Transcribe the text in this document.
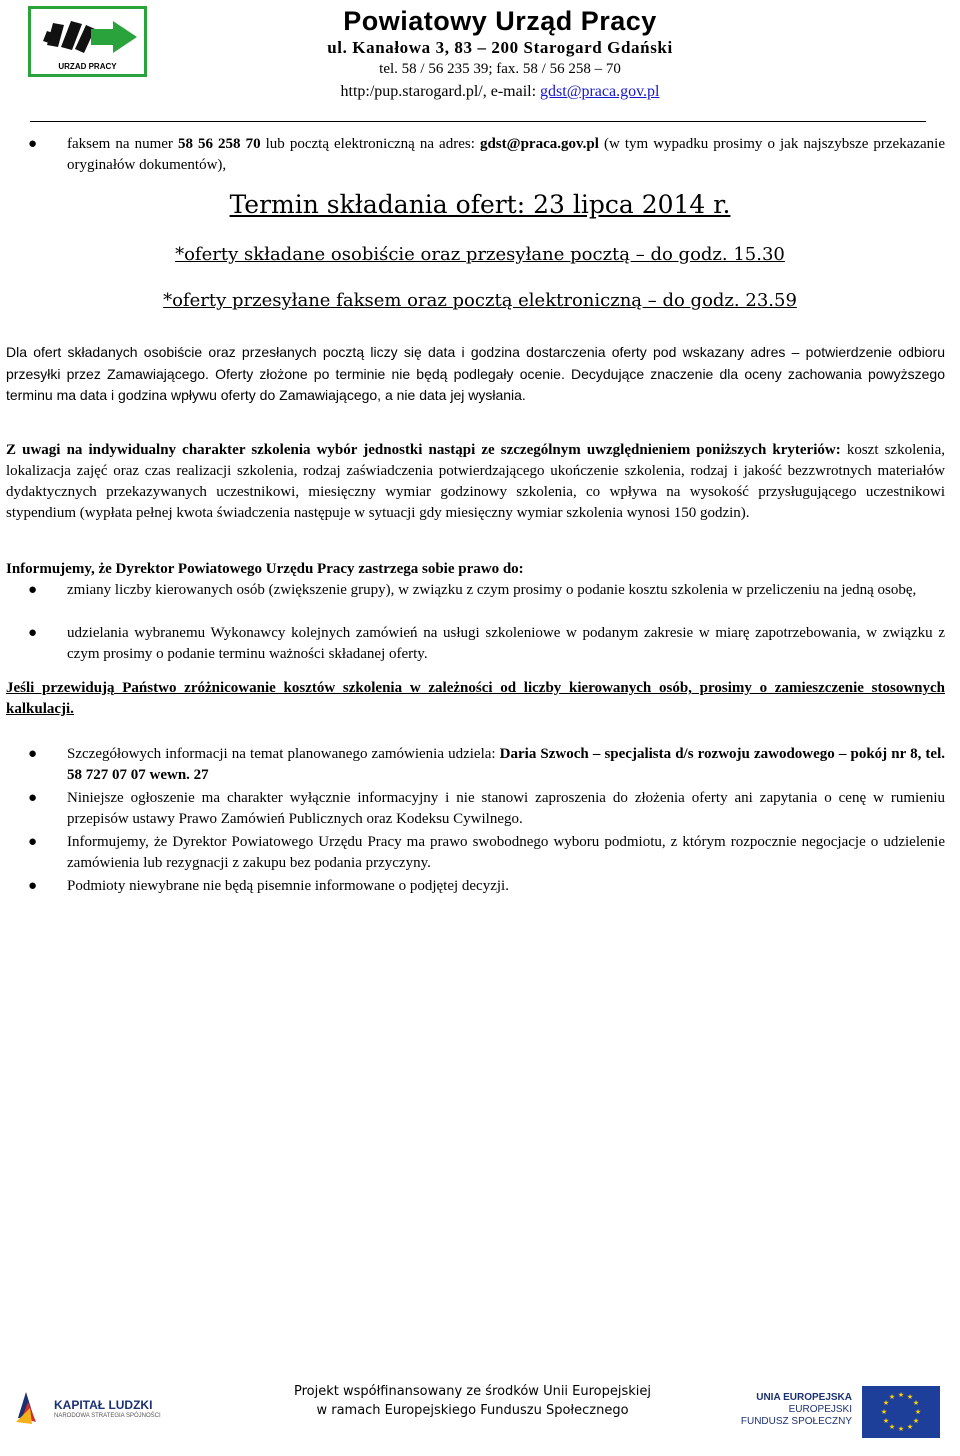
URZAD PRACY
Powiatowy Urząd Pracy
ul. Kanałowa 3, 83 – 200 Starogard Gdański
tel. 58 / 56 235 39; fax. 58 / 56 258 – 70
http:/pup.starogard.pl/, e-mail: gdst@praca.gov.pl
● faksem na numer 58 56 258 70 lub pocztą elektroniczną na adres: gdst@praca.gov.pl (w tym wypadku prosimy o jak najszybsze przekazanie oryginałów dokumentów),
Termin składania ofert: 23 lipca 2014 r.
*oferty składane osobiście oraz przesyłane pocztą – do godz. 15.30
*oferty przesyłane faksem oraz pocztą elektroniczną – do godz. 23.59
Dla ofert składanych osobiście oraz przesłanych pocztą liczy się data i godzina dostarczenia oferty pod wskazany adres – potwierdzenie odbioru przesyłki przez Zamawiającego. Oferty złożone po terminie nie będą podlegały ocenie. Decydujące znaczenie dla oceny zachowania powyższego terminu ma data i godzina wpływu oferty do Zamawiającego, a nie data jej wysłania.
Z uwagi na indywidualny charakter szkolenia wybór jednostki nastąpi ze szczególnym uwzględnieniem poniższych kryteriów: koszt szkolenia, lokalizacja zajęć oraz czas realizacji szkolenia, rodzaj zaświadczenia potwierdzającego ukończenie szkolenia, rodzaj i jakość bezzwrotnych materiałów dydaktycznych przekazywanych uczestnikowi, miesięczny wymiar godzinowy szkolenia, co wpływa na wysokość przysługującego uczestnikowi stypendium (wypłata pełnej kwota świadczenia następuje w sytuacji gdy miesięczny wymiar szkolenia wynosi 150 godzin).
Informujemy, że Dyrektor Powiatowego Urzędu Pracy zastrzega sobie prawo do:
● zmiany liczby kierowanych osób (zwiększenie grupy), w związku z czym prosimy o podanie kosztu szkolenia w przeliczeniu na jedną osobę,
● udzielania wybranemu Wykonawcy kolejnych zamówień na usługi szkoleniowe w podanym zakresie w miarę zapotrzebowania, w związku z czym prosimy o podanie terminu ważności składanej oferty.
Jeśli przewidują Państwo zróżnicowanie kosztów szkolenia w zależności od liczby kierowanych osób, prosimy o zamieszczenie stosownych kalkulacji.
● Szczegółowych informacji na temat planowanego zamówienia udziela: Daria Szwoch – specjalista d/s rozwoju zawodowego – pokój nr 8, tel. 58 727 07 07 wewn. 27
● Niniejsze ogłoszenie ma charakter wyłącznie informacyjny i nie stanowi zaproszenia do złożenia oferty ani zapytania o cenę w rumieniu przepisów ustawy Prawo Zamówień Publicznych oraz Kodeksu Cywilnego.
● Informujemy, że Dyrektor Powiatowego Urzędu Pracy ma prawo swobodnego wyboru podmiotu, z którym rozpocznie negocjacje o udzielenie zamówienia lub rezygnacji z zakupu bez podania przyczyny.
● Podmioty niewybrane nie będą pisemnie informowane o podjętej decyzji.
KAPITAŁ LUDZKI
NARODOWA STRATEGIA SPÓJNOŚCI
Projekt współfinansowany ze środków Unii Europejskiej
w ramach Europejskiego Funduszu Społecznego
UNIA EUROPEJSKA
EUROPEJSKI
FUNDUSZ SPOŁECZNY
★ ★
★
★
★
★
★
★
★
★
★
★
